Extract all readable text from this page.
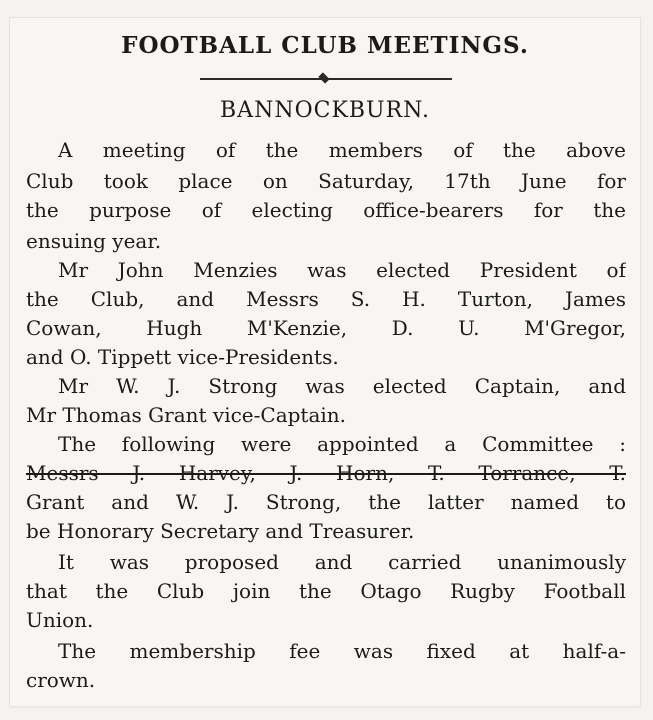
FOOTBALL CLUB MEETINGS.
BANNOCKBURN.
A meeting of the members of the above
Club took place on Saturday, 17th June for
the purpose of electing office-bearers for the
ensuing year.
Mr John Menzies was elected President of
the Club, and Messrs S. H. Turton, James
Cowan, Hugh M'Kenzie, D. U. M'Gregor,
and O. Tippett vice-Presidents.
Mr W. J. Strong was elected Captain, and
Mr Thomas Grant vice-Captain.
The following were appointed a Committee :
Messrs J. Harvey, J. Horn, T. Torrance, T.
Grant and W. J. Strong, the latter named to
be Honorary Secretary and Treasurer.
It was proposed and carried unanimously
that the Club join the Otago Rugby Football
Union.
The membership fee was fixed at half-a-
crown.
